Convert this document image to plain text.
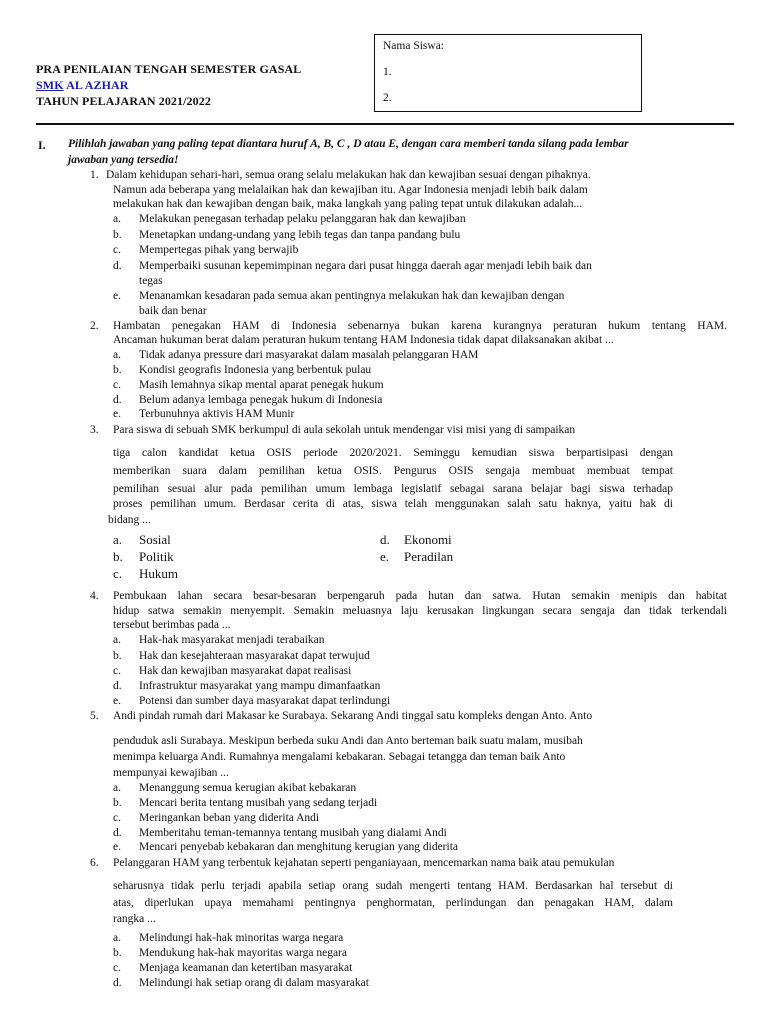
PRA PENILAIAN TENGAH SEMESTER GASAL
SMK AL AZHAR
TAHUN PELAJARAN 2021/2022
Nama Siswa:
1.
2.
I. Pilihlah jawaban yang paling tepat diantara huruf A, B, C , D atau E, dengan cara memberi tanda silang pada lembar
jawaban yang tersedia!
1. Dalam kehidupan sehari-hari, semua orang selalu melakukan hak dan kewajiban sesuai dengan pihaknya.
Namun ada beberapa yang melalaikan hak dan kewajiban itu. Agar Indonesia menjadi lebih baik dalam
melakukan hak dan kewajiban dengan baik, maka langkah yang paling tepat untuk dilakukan adalah...
a. Melakukan penegasan terhadap pelaku pelanggaran hak dan kewajiban
b. Menetapkan undang-undang yang lebih tegas dan tanpa pandang bulu
c. Mempertegas pihak yang berwajib
d. Memperbaiki susunan kepemimpinan negara dari pusat hingga daerah agar menjadi lebih baik dan
tegas
e. Menanamkan kesadaran pada semua akan pentingnya melakukan hak dan kewajiban dengan
baik dan benar
2. Hambatan penegakan HAM di Indonesia sebenarnya bukan karena kurangnya peraturan hukum tentang HAM.
Ancaman hukuman berat dalam peraturan hukum tentang HAM Indonesia tidak dapat dilaksanakan akibat ...
a. Tidak adanya pressure dari masyarakat dalam masalah pelanggaran HAM
b. Kondisi geografis Indonesia yang berbentuk pulau
c. Masih lemahnya sikap mental aparat penegak hukum
d. Belum adanya lembaga penegak hukum di Indonesia
e. Terbunuhnya aktivis HAM Munir
3. Para siswa di sebuah SMK berkumpul di aula sekolah untuk mendengar visi misi yang di sampaikan
tiga calon kandidat ketua OSIS periode 2020/2021. Seminggu kemudian siswa berpartisipasi dengan
memberikan suara dalam pemilihan ketua OSIS. Pengurus OSIS sengaja membuat membuat tempat
pemilihan sesuai alur pada pemilihan umum lembaga legislatif sebagai sarana belajar bagi siswa terhadap
proses pemilihan umum. Berdasar cerita di atas, siswa telah menggunakan salah satu haknya, yaitu hak di
bidang ...
a. Sosial
b. Politik
c. Hukum
d. Ekonomi
e. Peradilan
4. Pembukaan lahan secara besar-besaran berpengaruh pada hutan dan satwa. Hutan semakin menipis dan habitat
hidup satwa semakin menyempit. Semakin meluasnya laju kerusakan lingkungan secara sengaja dan tidak terkendali
tersebut berimbas pada ...
a. Hak-hak masyarakat menjadi terabaikan
b. Hak dan kesejahteraan masyarakat dapat terwujud
c. Hak dan kewajiban masyarakat dapat realisasi
d. Infrastruktur masyarakat yang mampu dimanfaatkan
e. Potensi dan sumber daya masyarakat dapat terlindungi
5. Andi pindah rumah dari Makasar ke Surabaya. Sekarang Andi tinggal satu kompleks dengan Anto. Anto
penduduk asli Surabaya. Meskipun berbeda suku Andi dan Anto berteman baik suatu malam, musibah
menimpa keluarga Andi. Rumahnya mengalami kebakaran. Sebagai tetangga dan teman baik Anto
mempunyai kewajiban ...
a. Menanggung semua kerugian akibat kebakaran
b. Mencari berita tentang musibah yang sedang terjadi
c. Meringankan beban yang diderita Andi
d. Memberitahu teman-temannya tentang musibah yang dialami Andi
e. Mencari penyebab kebakaran dan menghitung kerugian yang diderita
6. Pelanggaran HAM yang terbentuk kejahatan seperti penganiayaan, mencemarkan nama baik atau pemukulan
seharusnya tidak perlu terjadi apabila setiap orang sudah mengerti tentang HAM. Berdasarkan hal tersebut di
atas, diperlukan upaya memahami pentingnya penghormatan, perlindungan dan penagakan HAM, dalam
rangka ...
a. Melindungi hak-hak minoritas warga negara
b. Mendukung hak-hak mayoritas warga negara
c. Menjaga keamanan dan ketertiban masyarakat
d. Melindungi hak setiap orang di dalam masyarakat
